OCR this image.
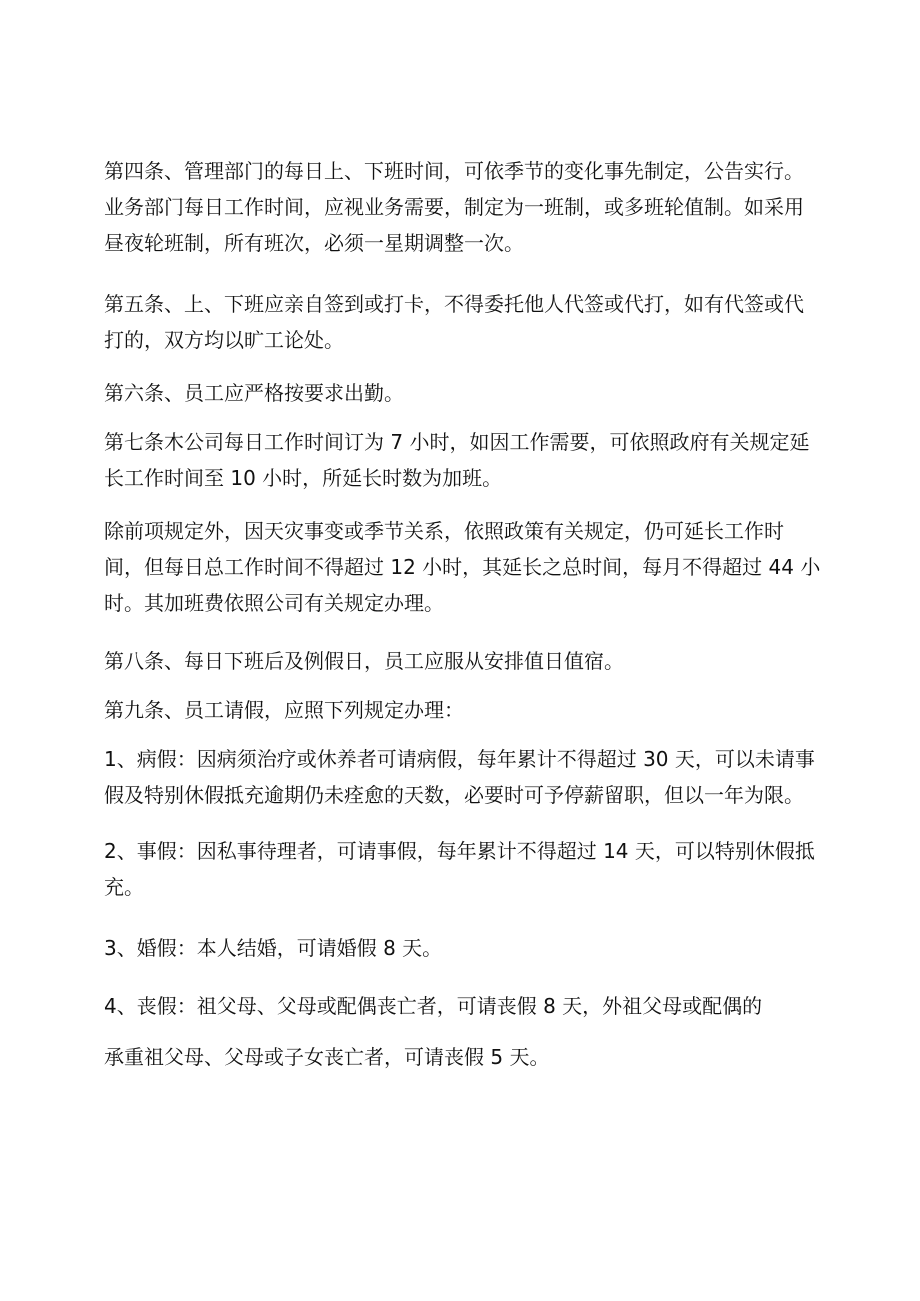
第四条、管理部门的每日上、下班时间，可依季节的变化事先制定，公告实行。
业务部门每日工作时间，应视业务需要，制定为一班制，或多班轮值制。如采用
昼夜轮班制，所有班次，必须一星期调整一次。
第五条、上、下班应亲自签到或打卡，不得委托他人代签或代打，如有代签或代
打的，双方均以旷工论处。
第六条、员工应严格按要求出勤。
第七条木公司每日工作时间订为 7 小时，如因工作需要，可依照政府有关规定延
长工作时间至 10 小时，所延长时数为加班。
除前项规定外，因天灾事变或季节关系，依照政策有关规定，仍可延长工作时
间，但每日总工作时间不得超过 12 小时，其延长之总时间，每月不得超过 44 小
时。其加班费依照公司有关规定办理。
第八条、每日下班后及例假日，员工应服从安排值日值宿。
第九条、员工请假，应照下列规定办理：
1、病假：因病须治疗或休养者可请病假，每年累计不得超过 30 天，可以未请事
假及特别休假抵充逾期仍未痊愈的天数，必要时可予停薪留职，但以一年为限。
2、事假：因私事待理者，可请事假，每年累计不得超过 14 天，可以特别休假抵
充。
3、婚假：本人结婚，可请婚假 8 天。
4、丧假：祖父母、父母或配偶丧亡者，可请丧假 8 天，外祖父母或配偶的
承重祖父母、父母或子女丧亡者，可请丧假 5 天。
